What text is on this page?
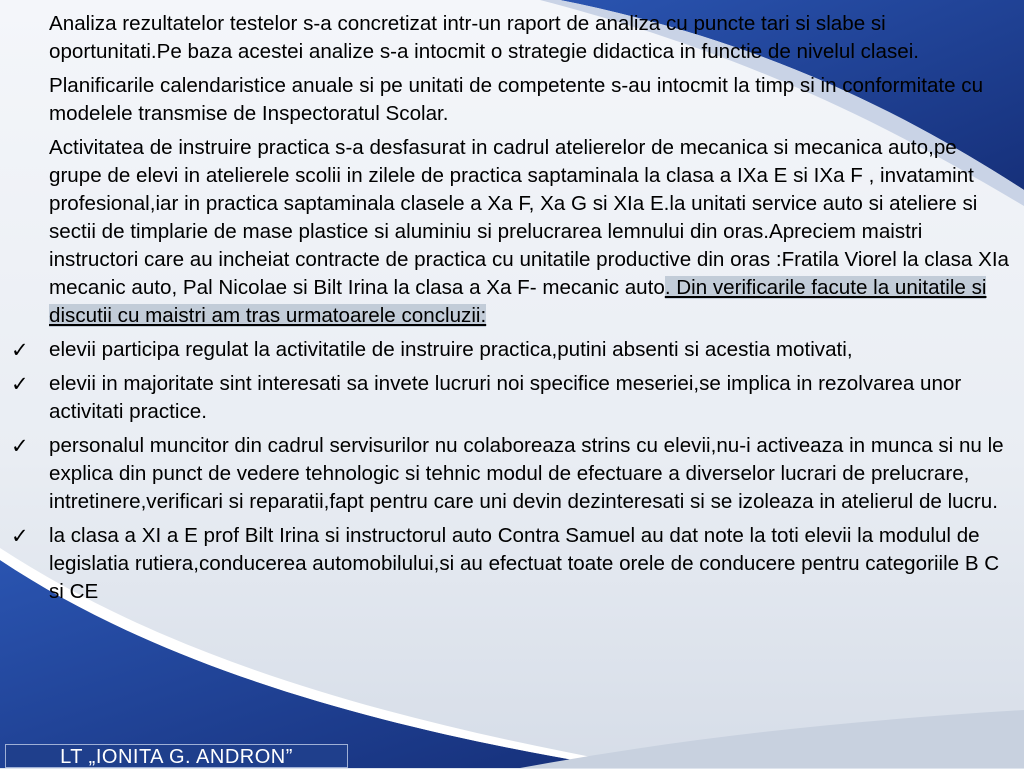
Analiza rezultatelor testelor s-a concretizat intr-un raport de analiza cu puncte tari si slabe si oportunitati.Pe baza acestei analize s-a intocmit o strategie didactica in functie de nivelul clasei.

Planificarile calendaristice anuale si pe unitati de competente s-au intocmit la timp si in conformitate cu modelele transmise de Inspectoratul Scolar.

Activitatea de instruire practica s-a desfasurat in cadrul atelierelor de mecanica si mecanica auto,pe grupe de elevi in atelierele scolii in zilele de practica saptaminala la clasa a IXa E si IXa F , invatamint profesional,iar in practica saptaminala clasele a Xa F, Xa G si XIa E.la unitati service auto si ateliere si sectii de timplarie de mase plastice si aluminiu si prelucrarea lemnului din oras.Apreciem maistri instructori care au incheiat contracte de practica cu unitatile productive din oras :Fratila Viorel la clasa XIa mecanic auto, Pal Nicolae si Bilt Irina la clasa a Xa F- mecanic auto. Din verificarile facute la unitatile si discutii cu maistri am tras urmatoarele concluzii:

✓ elevii participa regulat la activitatile de instruire practica,putini absenti si acestia motivati,
✓ elevii in majoritate sint interesati sa invete lucruri noi specifice meseriei,se implica in rezolvarea unor activitati practice.
✓ personalul muncitor din cadrul servisurilor nu colaboreaza strins cu elevii,nu-i activeaza in munca si nu le explica din punct de vedere tehnologic si tehnic modul de efectuare a diverselor lucrari de prelucrare, intretinere,verificari si reparatii,fapt pentru care uni devin dezinteresati si se izoleaza in atelierul de lucru.
✓ la clasa a XI a E prof Bilt Irina si instructorul auto Contra Samuel au dat note la toti elevii la modulul de legislatia rutiera,conducerea automobilului,si au efectuat toate orele de conducere pentru categoriile B C si CE
LT „IONITA G. ANDRON”
